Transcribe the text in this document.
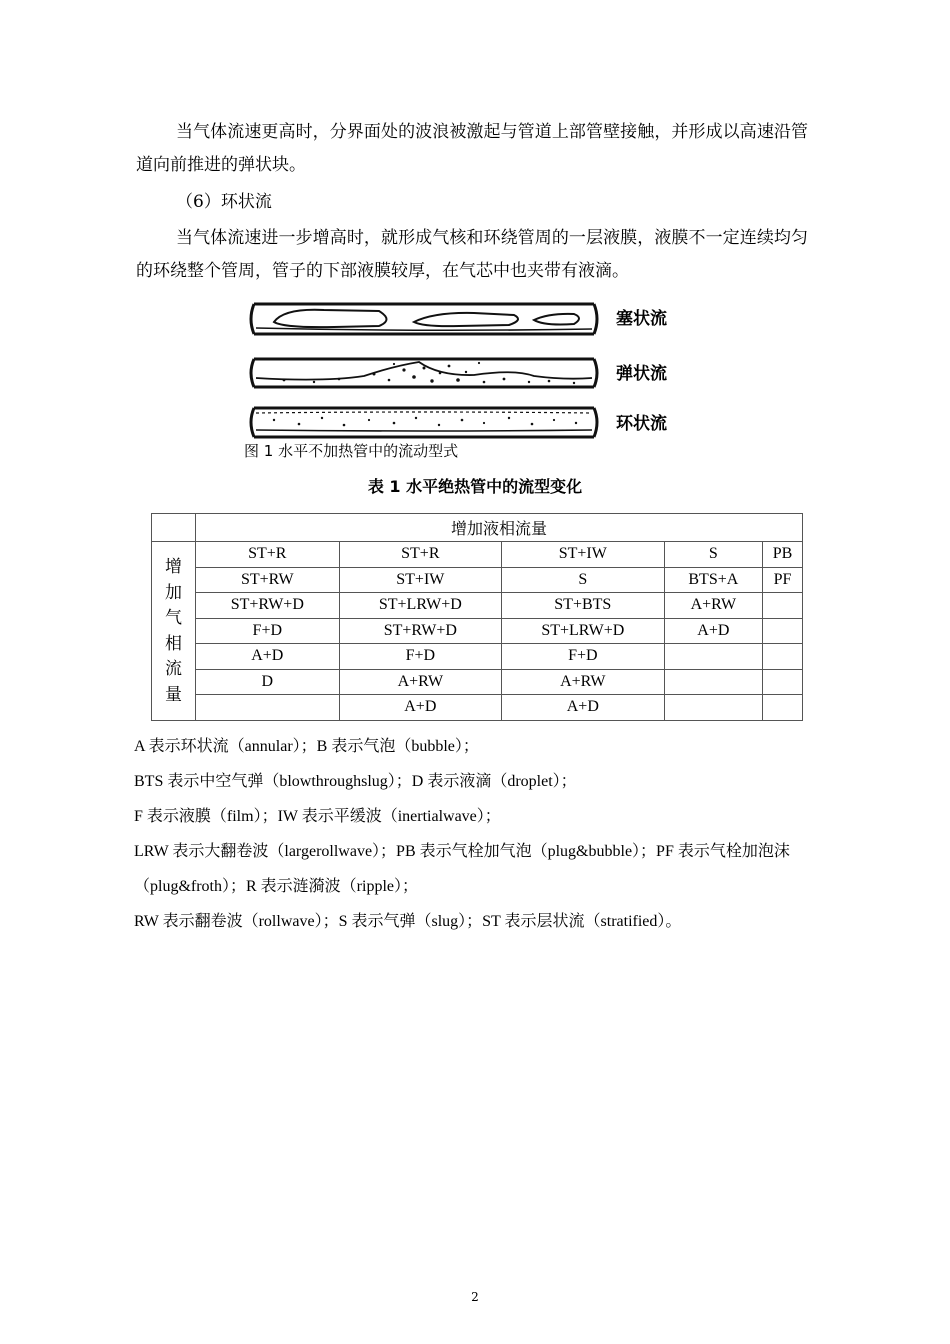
当气体流速更高时，分界面处的波浪被激起与管道上部管壁接触，并形成以高速沿管道向前推进的弹状块。

（6）环状流

当气体流速进一步增高时，就形成气核和环绕管周的一层液膜，液膜不一定连续均匀的环绕整个管周，管子的下部液膜较厚，在气芯中也夹带有液滴。

塞状流
弹状流
环状流
图 1 水平不加热管中的流动型式
表 1 水平绝热管中的流型变化
	增加液相流量				
增加气相流量	ST+R	ST+R	ST+IW	S	PB
	ST+RW	ST+IW	S	BTS+A	PF
	ST+RW+D	ST+LRW+D	ST+BTS	A+RW	
	F+D	ST+RW+D	ST+LRW+D	A+D	
	A+D	F+D	F+D		
	D	A+RW	A+RW		
		A+D	A+D		

A 表示环状流（annular）；B 表示气泡（bubble）；

BTS 表示中空气弹（blowthroughslug）；D 表示液滴（droplet）；

F 表示液膜（film）；IW 表示平缓波（inertialwave）；

LRW 表示大翻卷波（largerollwave）；PB 表示气栓加气泡（plug&bubble）；PF 表示气栓加泡沫（plug&froth）；R 表示涟漪波（ripple）；

RW 表示翻卷波（rollwave）；S 表示气弹（slug）；ST 表示层状流（stratified）。

2
